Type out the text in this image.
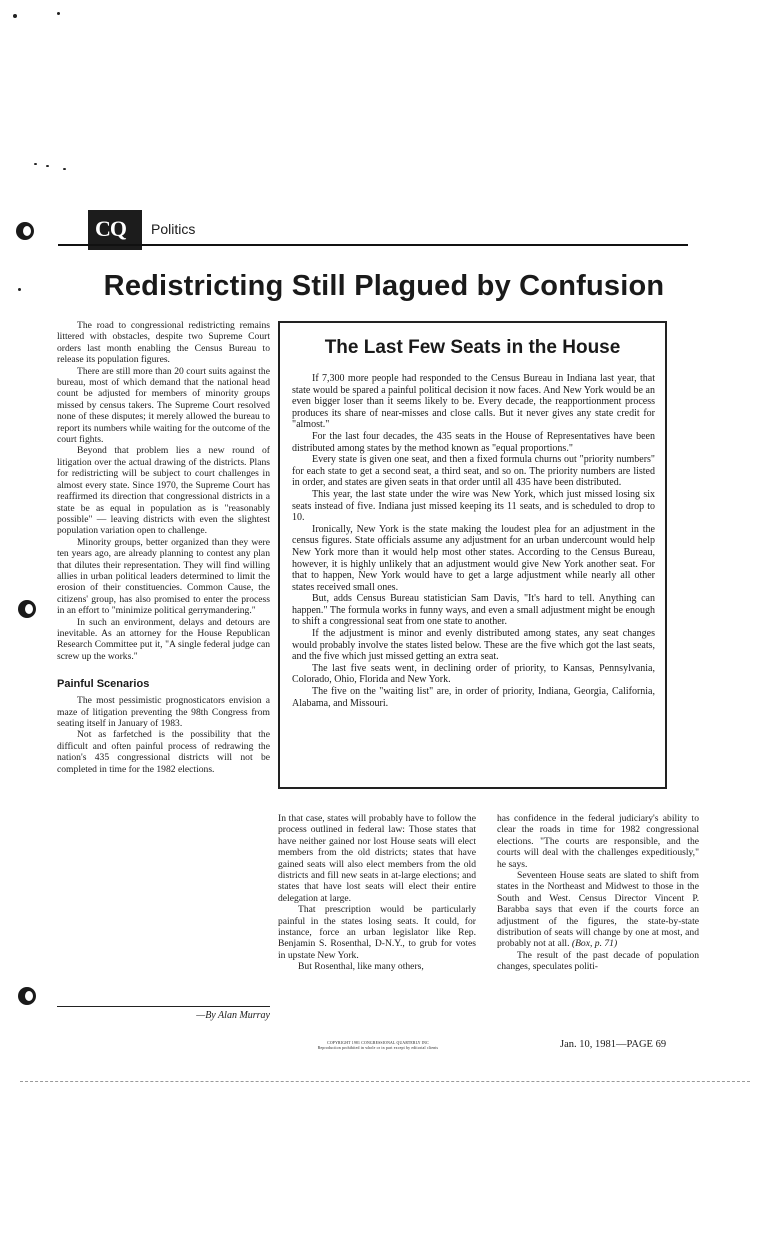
CQ Politics
Redistricting Still Plagued by Confusion

The road to congressional redistricting remains littered with obstacles, despite two Supreme Court orders last month enabling the Census Bureau to release its population figures.

There are still more than 20 court suits against the bureau, most of which demand that the national head count be adjusted for members of minority groups missed by census takers. The Supreme Court resolved none of these disputes; it merely allowed the bureau to report its numbers while waiting for the outcome of the court fights.

Beyond that problem lies a new round of litigation over the actual drawing of the districts. Plans for redistricting will be subject to court challenges in almost every state. Since 1970, the Supreme Court has reaffirmed its direction that congressional districts in a state be as equal in population as is "reasonably possible" — leaving districts with even the slightest population variation open to challenge.

Minority groups, better organized than they were ten years ago, are already planning to contest any plan that dilutes their representation. They will find willing allies in urban political leaders determined to limit the erosion of their constituencies. Common Cause, the citizens' group, has also promised to enter the process in an effort to "minimize political gerrymandering."

In such an environment, delays and detours are inevitable. As an attorney for the House Republican Research Committee put it, "A single federal judge can screw up the works."

Painful Scenarios

The most pessimistic prognosticators envision a maze of litigation preventing the 98th Congress from seating itself in January of 1983.

Not as farfetched is the possibility that the difficult and often painful process of redrawing the nation's 435 congressional districts will not be completed in time for the 1982 elections.

—By Alan Murray
The Last Few Seats in the House

If 7,300 more people had responded to the Census Bureau in Indiana last year, that state would be spared a painful political decision it now faces. And New York would be an even bigger loser than it seems likely to be. Every decade, the reapportionment process produces its share of near-misses and close calls. But it never gives any state credit for "almost."

For the last four decades, the 435 seats in the House of Representatives have been distributed among states by the method known as "equal proportions."

Every state is given one seat, and then a fixed formula churns out "priority numbers" for each state to get a second seat, a third seat, and so on. The priority numbers are listed in order, and states are given seats in that order until all 435 have been distributed.

This year, the last state under the wire was New York, which just missed losing six seats instead of five. Indiana just missed keeping its 11 seats, and is scheduled to drop to 10.

Ironically, New York is the state making the loudest plea for an adjustment in the census figures. State officials assume any adjustment for an urban undercount would help New York more than it would help most other states. According to the Census Bureau, however, it is highly unlikely that an adjustment would give New York another seat. For that to happen, New York would have to get a large adjustment while nearly all other states received small ones.

But, adds Census Bureau statistician Sam Davis, "It's hard to tell. Anything can happen." The formula works in funny ways, and even a small adjustment might be enough to shift a congressional seat from one state to another.

If the adjustment is minor and evenly distributed among states, any seat changes would probably involve the states listed below. These are the five which got the last seats, and the five which just missed getting an extra seat.

The last five seats went, in declining order of priority, to Kansas, Pennsylvania, Colorado, Ohio, Florida and New York.

The five on the "waiting list" are, in order of priority, Indiana, Georgia, California, Alabama, and Missouri.

In that case, states will probably have to follow the process outlined in federal law: Those states that have neither gained nor lost House seats will elect members from the old districts; states that have gained seats will also elect members from the old districts and fill new seats in at-large elections; and states that have lost seats will elect their entire delegation at large.

That prescription would be particularly painful in the states losing seats. It could, for instance, force an urban legislator like Rep. Benjamin S. Rosenthal, D-N.Y., to grub for votes in upstate New York.

But Rosenthal, like many others,

has confidence in the federal judiciary's ability to clear the roads in time for 1982 congressional elections. "The courts are responsible, and the courts will deal with the challenges expeditiously," he says.

Seventeen House seats are slated to shift from states in the Northeast and Midwest to those in the South and West. Census Director Vincent P. Barabba says that even if the courts force an adjustment of the figures, the state-by-state distribution of seats will change by one at most, and probably not at all. (Box, p. 71)

The result of the past decade of population changes, speculates politi-

COPYRIGHT 1981 CONGRESSIONAL QUARTERLY INC
Reproduction prohibited in whole or in part except by editorial clients	Jan. 10, 1981—PAGE 69
